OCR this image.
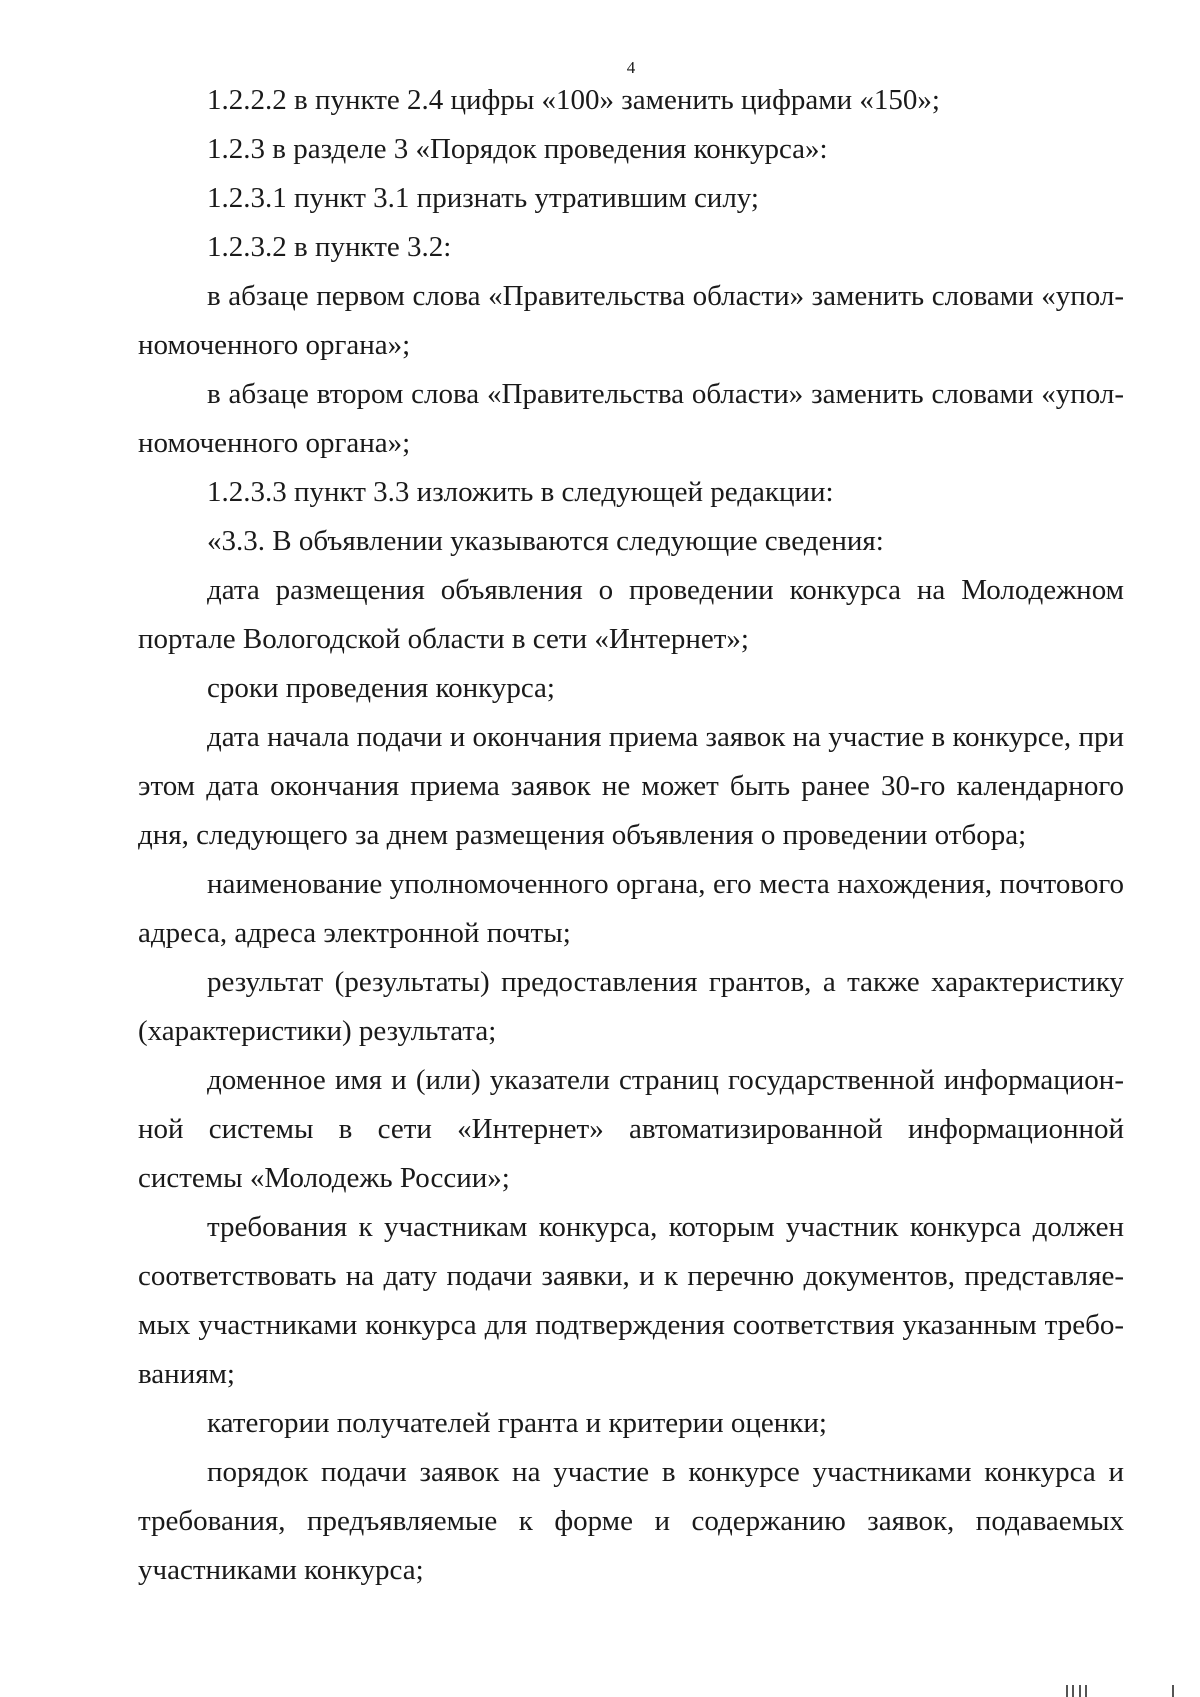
4

1.2.2.2 в пункте 2.4 цифры «100» заменить цифрами «150»;

1.2.3 в разделе 3 «Порядок проведения конкурса»:

1.2.3.1 пункт 3.1 признать утратившим силу;

1.2.3.2 в пункте 3.2:

в абзаце первом слова «Правительства области» заменить словами «уполномоченного органа»;

в абзаце втором слова «Правительства области» заменить словами «уполномоченного органа»;

1.2.3.3 пункт 3.3 изложить в следующей редакции:

«3.3. В объявлении указываются следующие сведения:

дата размещения объявления о проведении конкурса на Молодежном портале Вологодской области в сети «Интернет»;

сроки проведения конкурса;

дата начала подачи и окончания приема заявок на участие в конкурсе, при этом дата окончания приема заявок не может быть ранее 30-го календарного дня, следующего за днем размещения объявления о проведении отбора;

наименование уполномоченного органа, его места нахождения, почтового адреса, адреса электронной почты;

результат (результаты) предоставления грантов, а также характеристику (характеристики) результата;

доменное имя и (или) указатели страниц государственной информационной системы в сети «Интернет» автоматизированной информационной системы «Молодежь России»;

требования к участникам конкурса, которым участник конкурса должен соответствовать на дату подачи заявки, и к перечню документов, представляемых участниками конкурса для подтверждения соответствия указанным требованиям;

категории получателей гранта и критерии оценки;

порядок подачи заявок на участие в конкурсе участниками конкурса и требования, предъявляемые к форме и содержанию заявок, подаваемых участниками конкурса;
